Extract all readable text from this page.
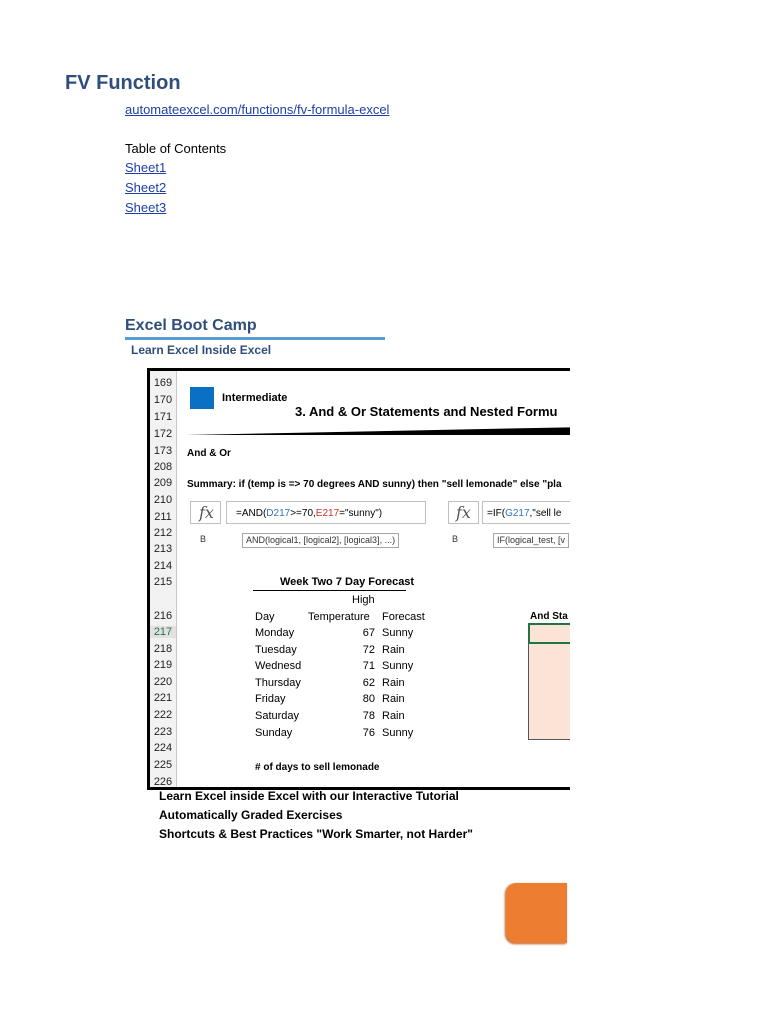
FV Function
automateexcel.com/functions/fv-formula-excel
Table of Contents
Sheet1
Sheet2
Sheet3
Excel Boot Camp
Learn Excel Inside Excel
169
170
171
172
173
208
209
210
211
212
213
214
215
216
217
218
219
220
221
222
223
224
225
226
Intermediate
3. And & Or Statements and Nested Formu
And & Or
Summary: if (temp is => 70 degrees AND sunny) then "sell lemonade" else "pla
fx =AND(D217>=70,E217="sunny")	fx =IF(G217,"sell le
B	AND(logical1, [logical2], [logical3], ...)	B	IF(logical_test, [v
Week Two 7 Day Forecast
High
Day	Temperature Forecast
Monday	67 Sunny
Tuesday	72 Rain
Wednesd	71 Sunny
Thursday	62 Rain
Friday	80 Rain
Saturday	78 Rain
Sunday	76 Sunny
And Sta
# of days to sell lemonade
Learn Excel inside Excel with our Interactive Tutorial
Automatically Graded Exercises
Shortcuts & Best Practices "Work Smarter, not Harder"
